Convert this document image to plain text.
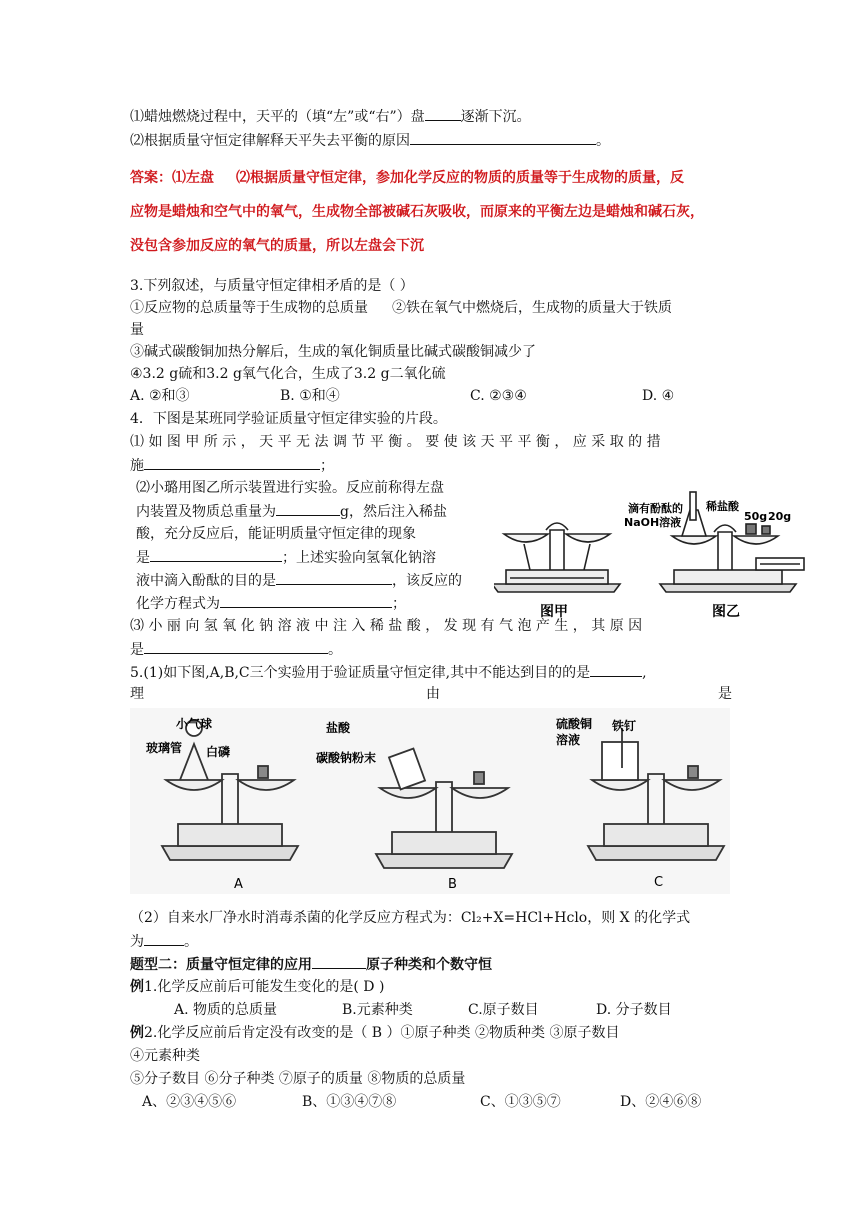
⑴蜡烛燃烧过程中，天平的（填“左”或“右”）盘	逐渐下沉。
⑵根据质量守恒定律解释天平失去平衡的原因	。
答案：⑴左盘 ⑵根据质量守恒定律，参加化学反应的物质的质量等于生成物的质量，反
应物是蜡烛和空气中的氧气，生成物全部被碱石灰吸收，而原来的平衡左边是蜡烛和碱石灰，
没包含参加反应的氧气的质量，所以左盘会下沉
3.下列叙述，与质量守恒定律相矛盾的是（ ）
①反应物的总质量等于生成物的总质量 ②铁在氧气中燃烧后，生成物的质量大于铁质
量
③碱式碳酸铜加热分解后，生成的氧化铜质量比碱式碳酸铜减少了
④3.2 g硫和3.2 g氧气化合，生成了3.2 g二氧化硫
A. ②和③	B. ①和④	C. ②③④	D. ④
4．下图是某班同学验证质量守恒定律实验的片段。
⑴ 如 图 甲 所 示 ， 天 平 无 法 调 节 平 衡 。 要 使 该 天 平 平 衡 ， 应 采 取 的 措
施	；
⑵小璐用图乙所示装置进行实验。反应前称得左盘
内装置及物质总重量为	g，然后注入稀盐
酸，充分反应后，能证明质量守恒定律的现象
是	；上述实验向氢氧化钠溶
液中滴入酚酞的目的是	，该反应的
化学方程式为	；
⑶ 小 丽 向 氢 氧 化 钠 溶 液 中 注 入 稀 盐 酸 ， 发 现 有 气 泡 产 生 ， 其 原 因
是	。
滴有酚酞的
NaOH溶液
稀盐酸
50g 20g
图甲	图乙
5.(1)如下图,A,B,C三个实验用于验证质量守恒定律,其中不能达到目的的是	,
理	由	是
小气球
玻璃管 白磷
盐酸
碳酸钠粉末
硫酸铜
溶液
铁钉
A	B	C
（2）自来水厂净水时消毒杀菌的化学反应方程式为：Cl₂+X=HCl+Hclo，则 X 的化学式
为	。
题型二：质量守恒定律的应用	原子种类和个数守恒
例1.化学反应前后可能发生变化的是( D )
A. 物质的总质量	B.元素种类	C.原子数目	D. 分子数目
例2.化学反应前后肯定没有改变的是（ B ）①原子种类 ②物质种类 ③原子数目
④元素种类
⑤分子数目 ⑥分子种类 ⑦原子的质量 ⑧物质的总质量
A、②③④⑤⑥	B、①③④⑦⑧	C、①③⑤⑦	D、②④⑥⑧
